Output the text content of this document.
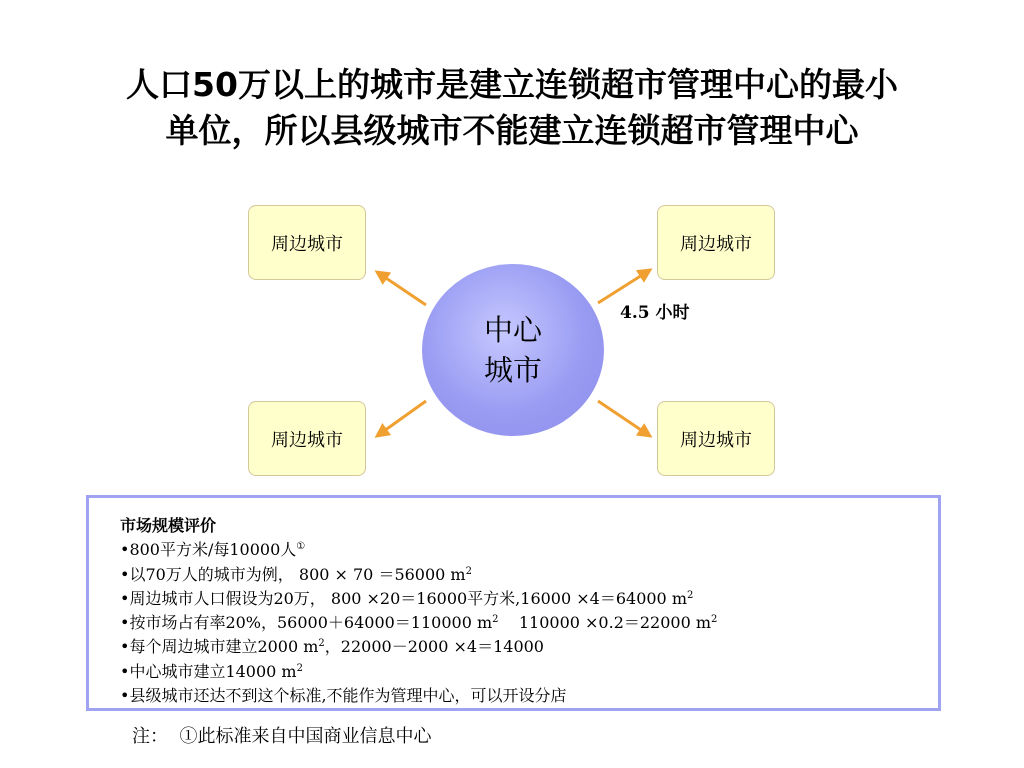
人口50万以上的城市是建立连锁超市管理中心的最小
单位，所以县级城市不能建立连锁超市管理中心
周边城市	周边城市
周边城市	周边城市
中心
城市
4.5 小时
市场规模评价
•800平方米/每10000人①
•以70万人的城市为例， 800 × 70 ＝56000 $m^2$
•周边城市人口假设为20万， 800 ×20＝16000平方米,16000 ×4＝64000 $m^2$
•按市场占有率20%，56000＋64000＝110000 $m^2$    110000 ×0.2＝22000 $m^2$
•每个周边城市建立2000 $m^2$，22000－2000 ×4＝14000
•中心城市建立14000 $m^2$
•县级城市还达不到这个标准,不能作为管理中心，可以开设分店
注：  ①此标准来自中国商业信息中心
